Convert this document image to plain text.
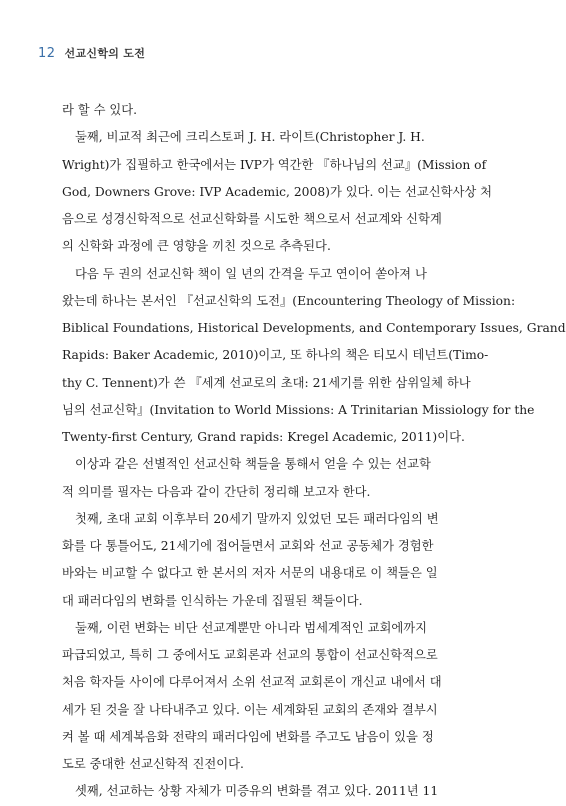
12 선교신학의 도전
라 할 수 있다.
둘째, 비교적 최근에 크리스토퍼 J. H. 라이트(Christopher J. H.
Wright)가 집필하고 한국에서는 IVP가 역간한 『하나님의 선교』(Mission of
God, Downers Grove: IVP Academic, 2008)가 있다. 이는 선교신학사상 처
음으로 성경신학적으로 선교신학화를 시도한 책으로서 선교계와 신학계
의 신학화 과정에 큰 영향을 끼친 것으로 추측된다.
다음 두 권의 선교신학 책이 일 년의 간격을 두고 연이어 쏟아져 나
왔는데 하나는 본서인 『선교신학의 도전』(Encountering Theology of Mission:
Biblical Foundations, Historical Developments, and Contemporary Issues, Grand
Rapids: Baker Academic, 2010)이고, 또 하나의 책은 티모시 테넌트(Timo-
thy C. Tennent)가 쓴 『세계 선교로의 초대: 21세기를 위한 삼위일체 하나
님의 선교신학』(Invitation to World Missions: A Trinitarian Missiology for the
Twenty-first Century, Grand rapids: Kregel Academic, 2011)이다.
이상과 같은 선별적인 선교신학 책들을 통해서 얻을 수 있는 선교학
적 의미를 필자는 다음과 같이 간단히 정리해 보고자 한다.
첫째, 초대 교회 이후부터 20세기 말까지 있었던 모든 패러다임의 변
화를 다 통틀어도, 21세기에 접어들면서 교회와 선교 공동체가 경험한
바와는 비교할 수 없다고 한 본서의 저자 서문의 내용대로 이 책들은 일
대 패러다임의 변화를 인식하는 가운데 집필된 책들이다.
둘째, 이런 변화는 비단 선교계뿐만 아니라 범세계적인 교회에까지
파급되었고, 특히 그 중에서도 교회론과 선교의 통합이 선교신학적으로
처음 학자들 사이에 다루어져서 소위 선교적 교회론이 개신교 내에서 대
세가 된 것을 잘 나타내주고 있다. 이는 세계화된 교회의 존재와 결부시
켜 볼 때 세계복음화 전략의 패러다임에 변화를 주고도 남음이 있을 정
도로 중대한 선교신학적 진전이다.
셋째, 선교하는 상황 자체가 미증유의 변화를 겪고 있다. 2011년 11
